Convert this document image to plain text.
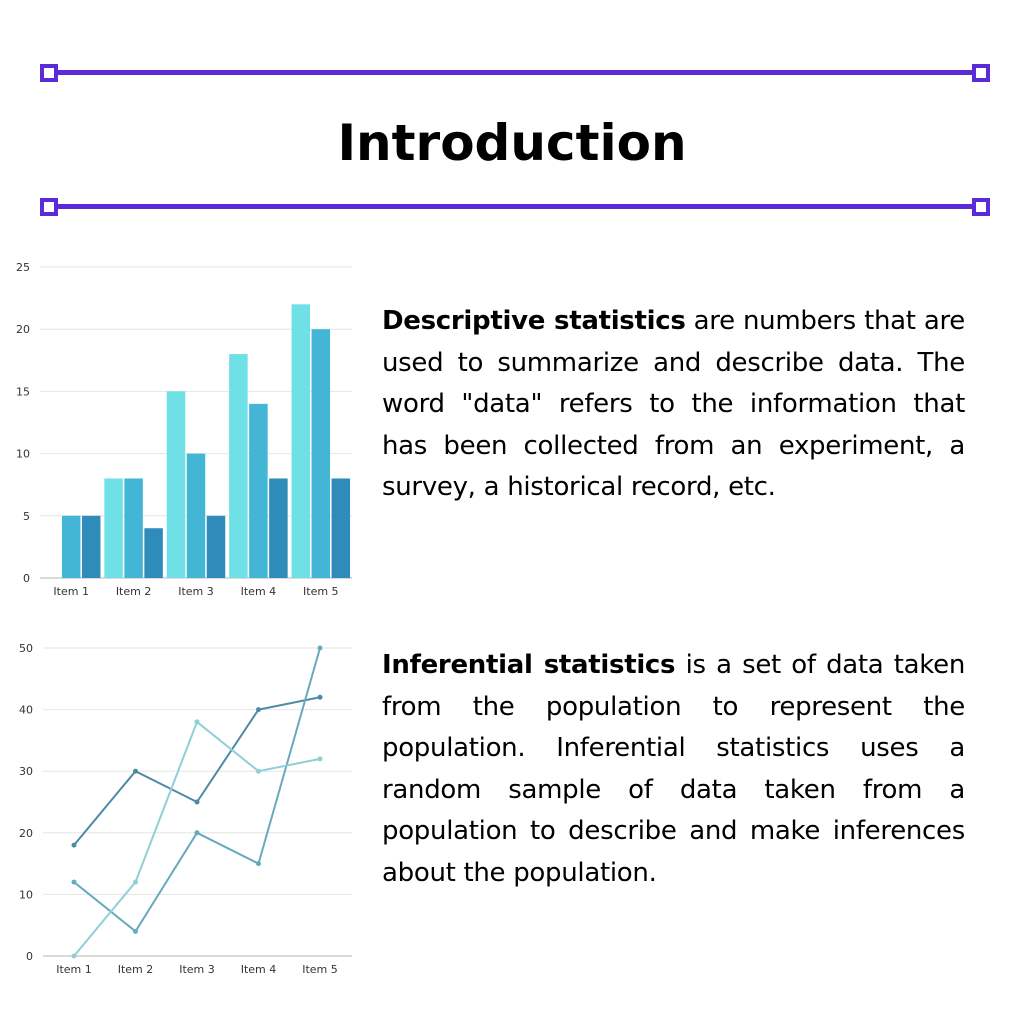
Introduction
0
5
10
15
20
25
Item 1 Item 2 Item 3 Item 4 Item 5
0
10
20
30
40
50
Item 1 Item 2 Item 3 Item 4 Item 5

Descriptive statistics are numbers that are used to summarize and describe data. The word "data" refers to the information that has been collected from an experiment, a survey, a historical record, etc.

Inferential statistics is a set of data taken from the population to represent the population. Inferential statistics uses a random sample of data taken from a population to describe and make inferences about the population.
